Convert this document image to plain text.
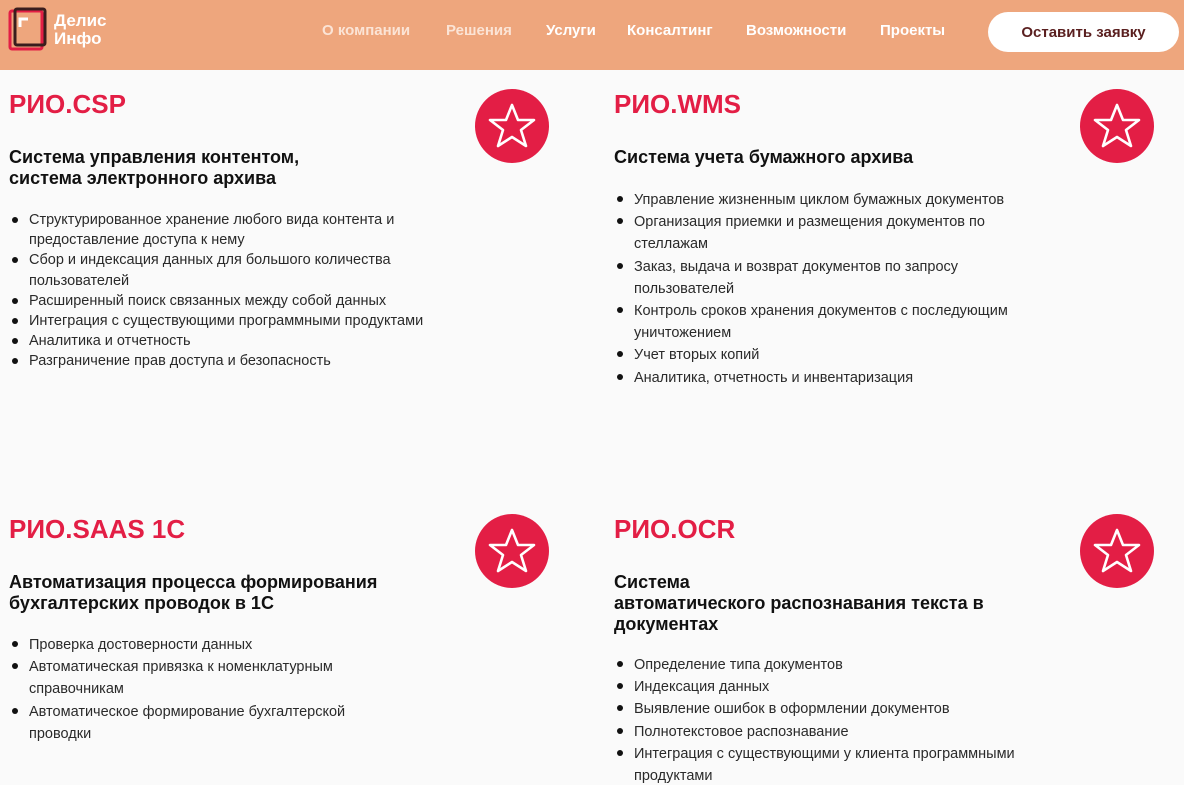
Делис
Инфо	О компании Решения Услуги Консалтинг Возможности Проекты	Оставить заявку
РИО.CSP
Система управления контентом,
система электронного архива
Структурированное хранение любого вида контента и предоставление доступа к нему
Сбор и индексация данных для большого количества пользователей
Расширенный поиск связанных между собой данных
Интеграция с существующими программными продуктами
Аналитика и отчетность
Разграничение прав доступа и безопасность
РИО.WMS
Система учета бумажного архива
Управление жизненным циклом бумажных документов
Организация приемки и размещения документов по стеллажам
Заказ, выдача и возврат документов по запросу пользователей
Контроль сроков хранения документов с последующим уничтожением
Учет вторых копий
Аналитика, отчетность и инвентаризация
РИО.SAAS 1С
Автоматизация процесса формирования
бухгалтерских проводок в 1С
Проверка достоверности данных
Автоматическая привязка к номенклатурным справочникам
Автоматическое формирование бухгалтерской проводки
РИО.OCR
Система
автоматического распознавания текста в
документах
Определение типа документов
Индексация данных
Выявление ошибок в оформлении документов
Полнотекстовое распознавание
Интеграция с существующими у клиента программными продуктами
